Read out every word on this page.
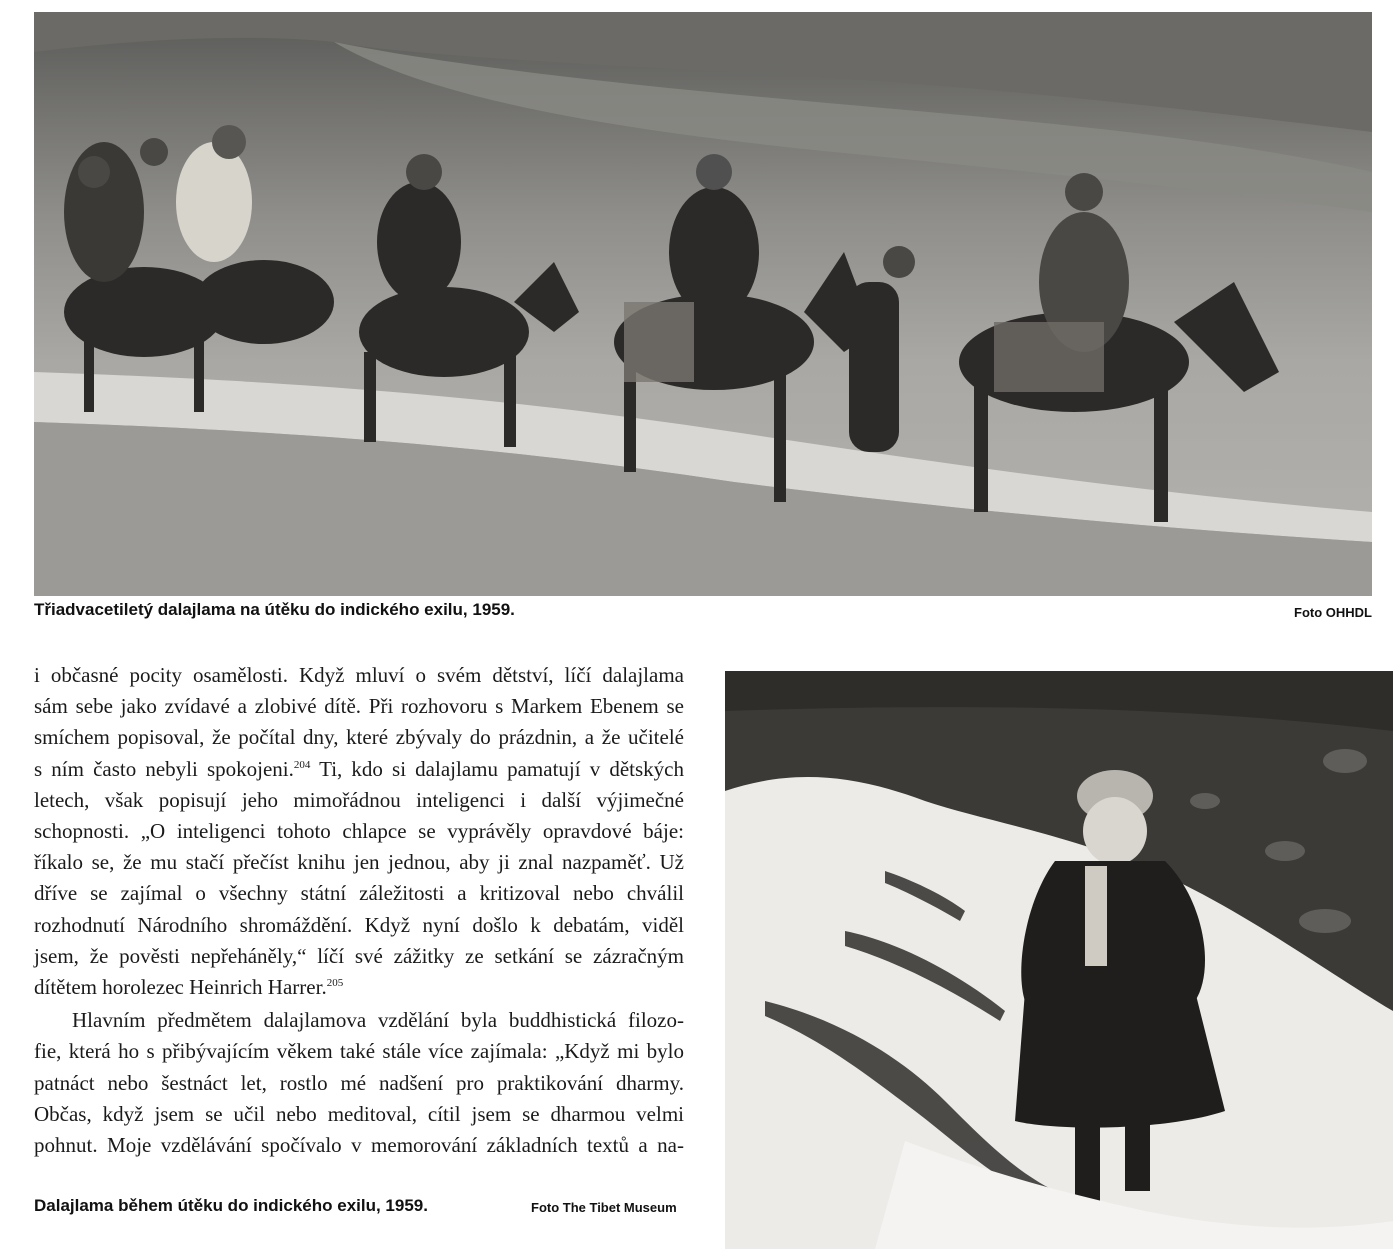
Třiadvacetiletý dalajlama na útěku do indického exilu, 1959.	Foto OHHDL
i občasné pocity osamělosti. Když mluví o svém dětství, líčí dalajlama
sám sebe jako zvídavé a zlobivé dítě. Při rozhovoru s Markem Ebenem se
smíchem popisoval, že počítal dny, které zbývaly do prázdnin, a že učitelé
s ním často nebyli spokojeni.$^{204}$ Ti, kdo si dalajlamu pamatují v dětských
letech, však popisují jeho mimořádnou inteligenci i další výjimečné
schopnosti. „O inteligenci tohoto chlapce se vyprávěly opravdové báje:
říkalo se, že mu stačí přečíst knihu jen jednou, aby ji znal nazpaměť. Už
dříve se zajímal o všechny státní záležitosti a kritizoval nebo chválil
rozhodnutí Národního shromáždění. Když nyní došlo k debatám, viděl
jsem, že pověsti nepřeháněly,“ líčí své zážitky ze setkání se zázračným
dítětem horolezec Heinrich Harrer.$^{205}$
Hlavním předmětem dalajlamova vzdělání byla buddhistická filozo-
fie, která ho s přibývajícím věkem také stále více zajímala: „Když mi bylo
patnáct nebo šestnáct let, rostlo mé nadšení pro praktikování dharmy.
Občas, když jsem se učil nebo meditoval, cítil jsem se dharmou velmi
pohnut. Moje vzdělávání spočívalo v memorování základních textů a na-
Dalajlama během útěku do indického exilu, 1959.	Foto The Tibet Museum
